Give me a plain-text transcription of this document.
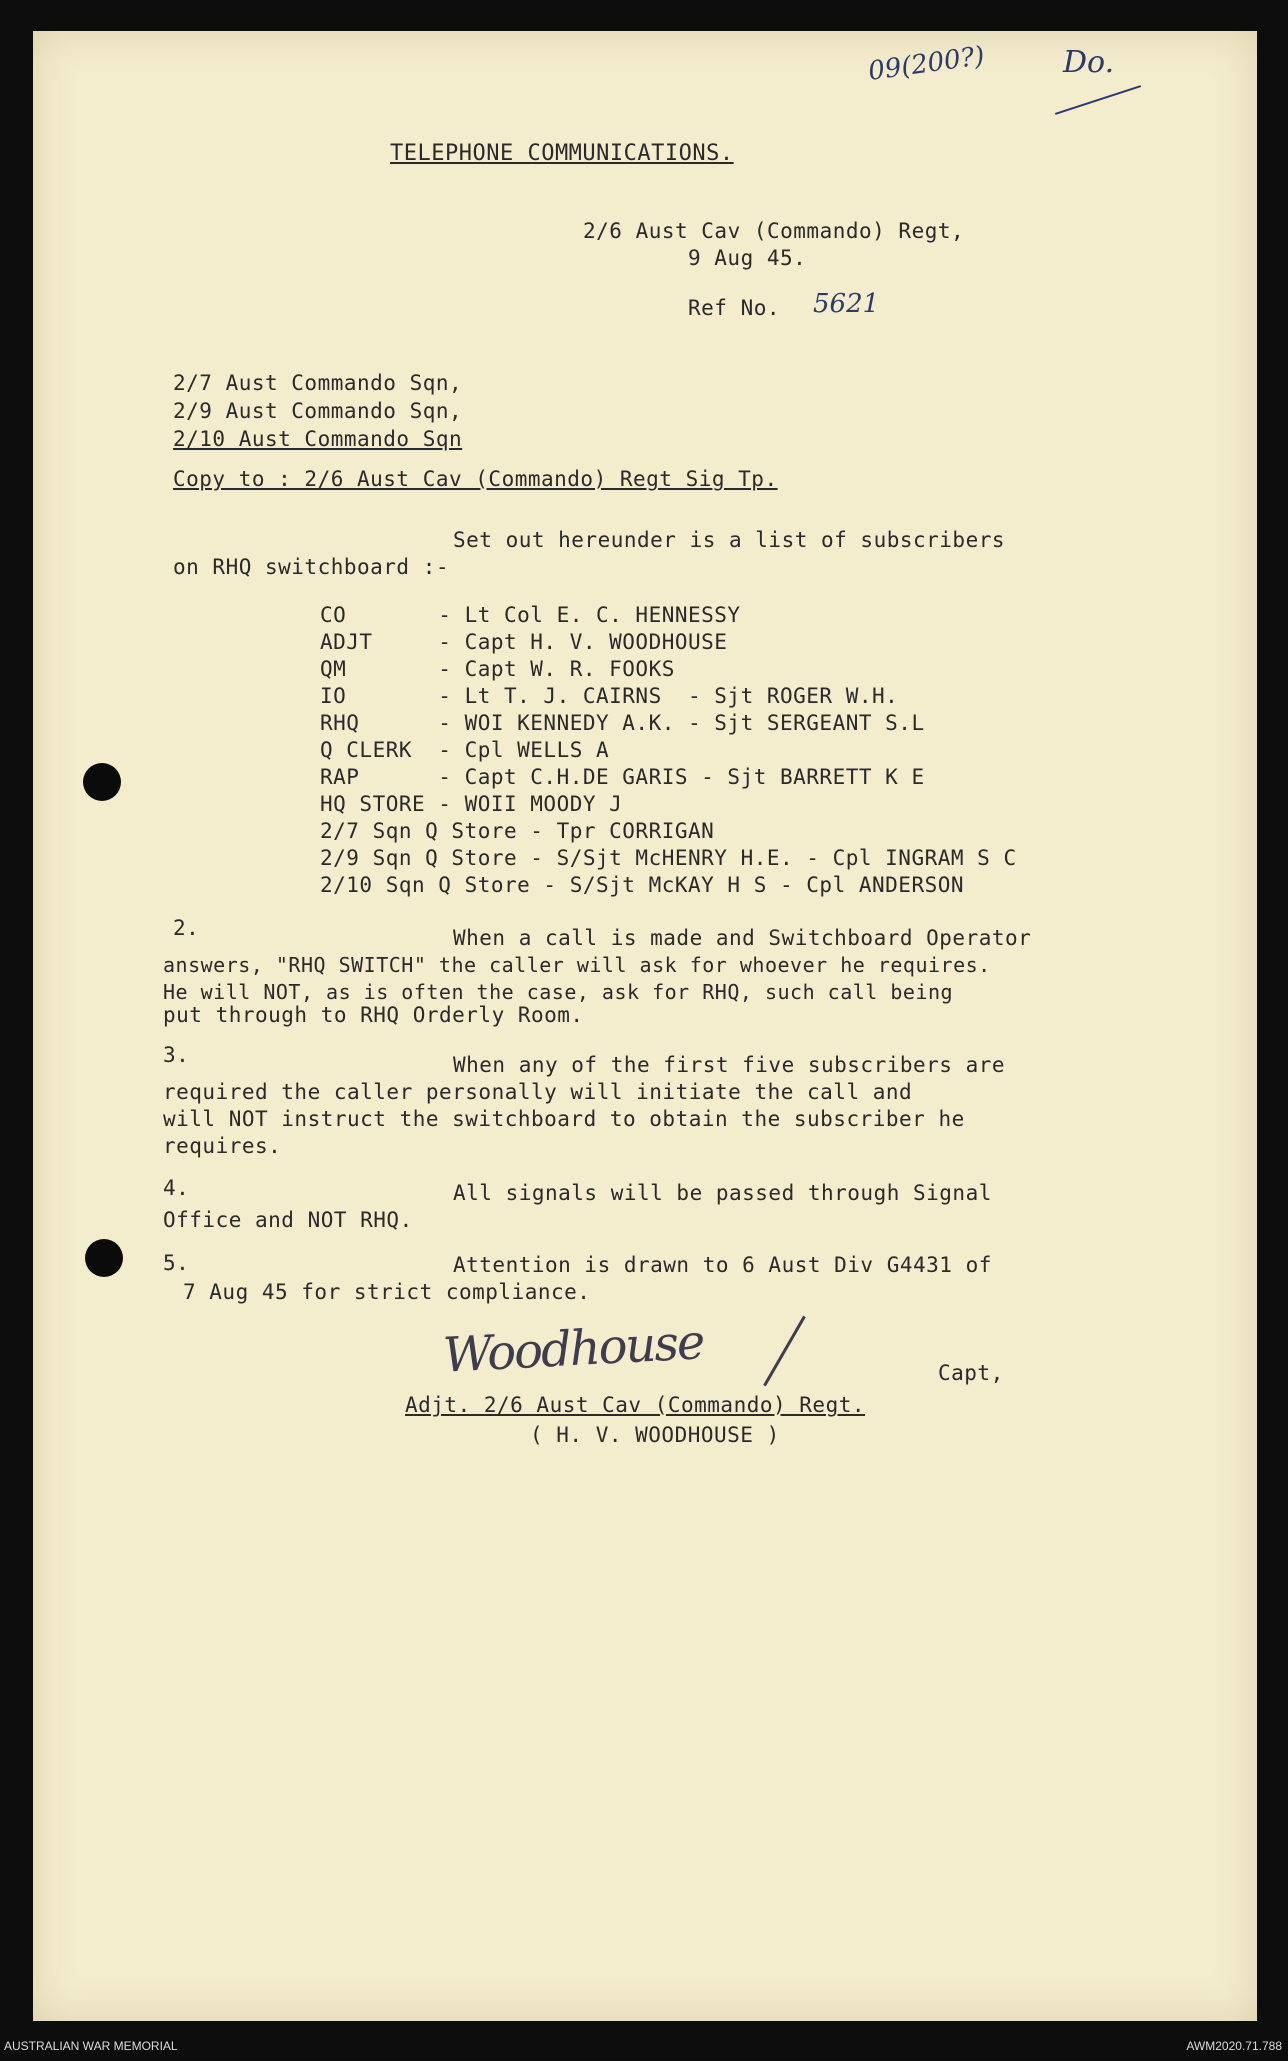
09(200?)	Do.
TELEPHONE COMMUNICATIONS.
2/6 Aust Cav (Commando) Regt,
9 Aug 45.
Ref No. 5621
2/7 Aust Commando Sqn,
2/9 Aust Commando Sqn,
2/10 Aust Commando Sqn
Copy to : 2/6 Aust Cav (Commando) Regt Sig Tp.
Set out hereunder is a list of subscribers
on RHQ switchboard :-
CO       - Lt Col E. C. HENNESSY
ADJT     - Capt H. V. WOODHOUSE
QM       - Capt W. R. FOOKS
IO       - Lt T. J. CAIRNS  - Sjt ROGER W.H.
RHQ      - WOI KENNEDY A.K. - Sjt SERGEANT S.L
Q CLERK  - Cpl WELLS A
RAP      - Capt C.H.DE GARIS - Sjt BARRETT K E
HQ STORE - WOII MOODY J
2/7 Sqn Q Store - Tpr CORRIGAN
2/9 Sqn Q Store - S/Sjt McHENRY H.E. - Cpl INGRAM S C
2/10 Sqn Q Store - S/Sjt McKAY H S - Cpl ANDERSON
2.	When a call is made and Switchboard Operator
answers, "RHQ SWITCH" the caller will ask for whoever he requires.
He will NOT, as is often the case, ask for RHQ, such call being
put through to RHQ Orderly Room.
3.	When any of the first five subscribers are
required the caller personally will initiate the call and
will NOT instruct the switchboard to obtain the subscriber he
requires.
4.	All signals will be passed through Signal
Office and NOT RHQ.
5.	Attention is drawn to 6 Aust Div G4431 of
7 Aug 45 for strict compliance.
Woodhouse	Capt,
Adjt. 2/6 Aust Cav (Commando) Regt.
( H. V. WOODHOUSE )
AUSTRALIAN WAR MEMORIAL	AWM2020.71.788
